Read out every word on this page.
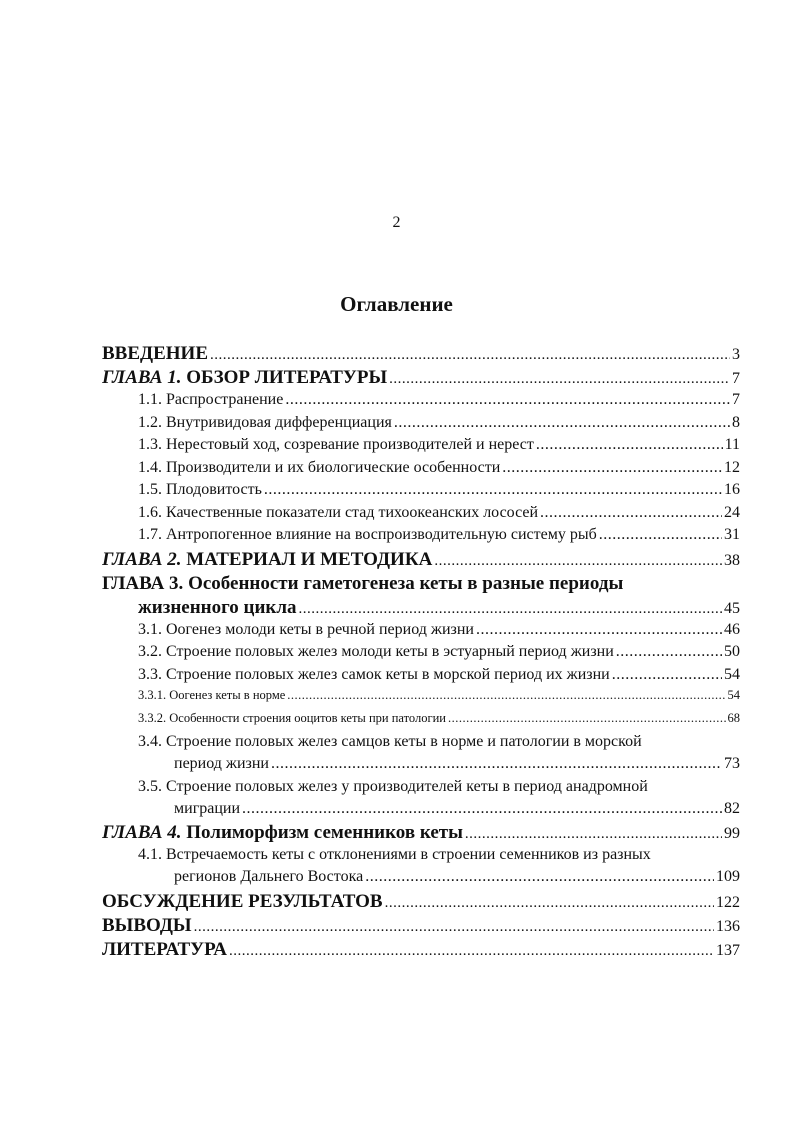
2
Оглавление
ВВЕДЕНИЕ .....	3
ГЛАВА 1. ОБЗОР ЛИТЕРАТУРЫ .....	7
1.1. Распространение .....	7
1.2. Внутривидовая дифференциация .....	8
1.3. Нерестовый ход, созревание производителей и нерест .....	11
1.4. Производители и их биологические особенности .....	12
1.5. Плодовитость .....	16
1.6. Качественные показатели стад тихоокеанских лососей .....	24
1.7. Антропогенное влияние на воспроизводительную систему рыб .....	31
ГЛАВА 2. МАТЕРИАЛ И МЕТОДИКА .....	38
ГЛАВА 3. Особенности гаметогенеза кеты в разные периоды
жизненного цикла .....	45
3.1. Оогенез молоди кеты в речной период жизни .....	46
3.2. Строение половых желез молоди кеты в эстуарный период жизни .....	50
3.3. Строение половых желез самок кеты в морской период их жизни .....	54
3.3.1. Оогенез кеты в норме .....	54
3.3.2. Особенности строения ооцитов кеты при патологии .....	68
3.4. Строение половых желез самцов кеты в норме и патологии в морской
период жизни .....	73
3.5. Строение половых желез у производителей кеты в период анадромной
миграции .....	82
ГЛАВА 4. Полиморфизм семенников кеты .....	99
4.1. Встречаемость кеты с отклонениями в строении семенников из разных
регионов Дальнего Востока .....	109
ОБСУЖДЕНИЕ РЕЗУЛЬТАТОВ .....	122
ВЫВОДЫ .....	136
ЛИТЕРАТУРА .....	137
